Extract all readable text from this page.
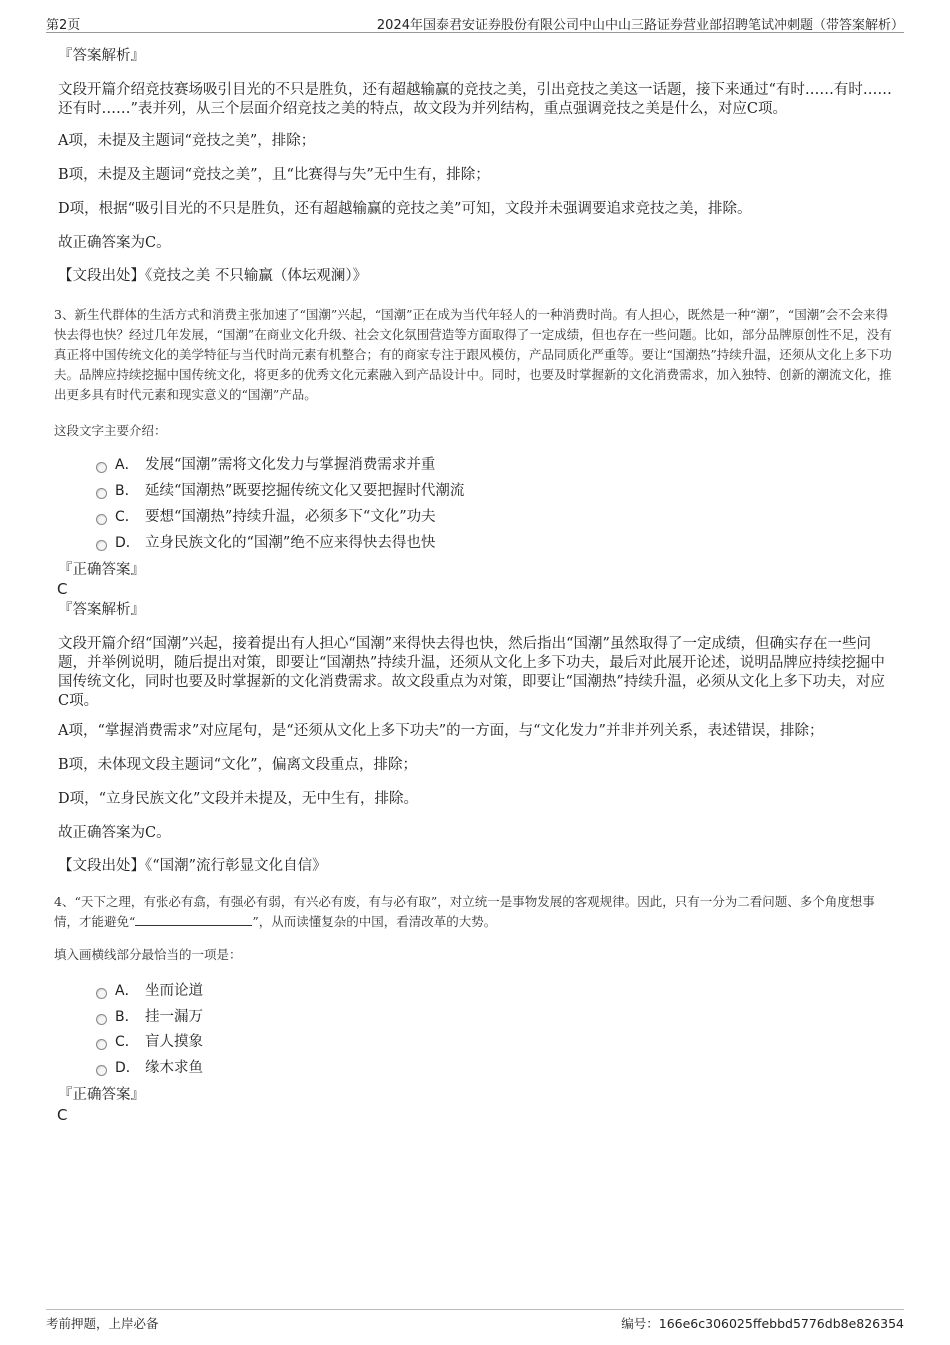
第2页	2024年国泰君安证券股份有限公司中山中山三路证券营业部招聘笔试冲刺题（带答案解析）
『答案解析』
文段开篇介绍竞技赛场吸引目光的不只是胜负，还有超越输赢的竞技之美，引出竞技之美这一话题，接下来通过“有时……有时……还有时……”表并列，从三个层面介绍竞技之美的特点，故文段为并列结构，重点强调竞技之美是什么，对应C项。
A项，未提及主题词“竞技之美”，排除；
B项，未提及主题词“竞技之美”，且“比赛得与失”无中生有，排除；
D项，根据“吸引目光的不只是胜负，还有超越输赢的竞技之美”可知，文段并未强调要追求竞技之美，排除。
故正确答案为C。
【文段出处】《竞技之美 不只输赢（体坛观澜）》
3、新生代群体的生活方式和消费主张加速了“国潮”兴起，“国潮”正在成为当代年轻人的一种消费时尚。有人担心，既然是一种“潮”，“国潮”会不会来得快去得也快？经过几年发展，“国潮”在商业文化升级、社会文化氛围营造等方面取得了一定成绩，但也存在一些问题。比如，部分品牌原创性不足，没有真正将中国传统文化的美学特征与当代时尚元素有机整合；有的商家专注于跟风模仿，产品同质化严重等。要让“国潮热”持续升温，还须从文化上多下功夫。品牌应持续挖掘中国传统文化，将更多的优秀文化元素融入到产品设计中。同时，也要及时掌握新的文化消费需求，加入独特、创新的潮流文化，推出更多具有时代元素和现实意义的“国潮”产品。
这段文字主要介绍：
A． 发展“国潮”需将文化发力与掌握消费需求并重
B． 延续“国潮热”既要挖掘传统文化又要把握时代潮流
C． 要想“国潮热”持续升温，必须多下“文化”功夫
D． 立身民族文化的“国潮”绝不应来得快去得也快
『正确答案』
C
『答案解析』
文段开篇介绍“国潮”兴起，接着提出有人担心“国潮”来得快去得也快，然后指出“国潮”虽然取得了一定成绩，但确实存在一些问题，并举例说明，随后提出对策，即要让“国潮热”持续升温，还须从文化上多下功夫，最后对此展开论述，说明品牌应持续挖掘中国传统文化，同时也要及时掌握新的文化消费需求。故文段重点为对策，即要让“国潮热”持续升温，必须从文化上多下功夫，对应C项。
A项，“掌握消费需求”对应尾句，是“还须从文化上多下功夫”的一方面，与“文化发力”并非并列关系，表述错误，排除；
B项，未体现文段主题词“文化”，偏离文段重点，排除；
D项，“立身民族文化”文段并未提及，无中生有，排除。
故正确答案为C。
【文段出处】《“国潮”流行彰显文化自信》
4、“天下之理，有张必有翕，有强必有弱，有兴必有废，有与必有取”，对立统一是事物发展的客观规律。因此，只有一分为二看问题、多个角度想事情，才能避免“	”，从而读懂复杂的中国，看清改革的大势。
填入画横线部分最恰当的一项是：
A． 坐而论道
B． 挂一漏万
C． 盲人摸象
D． 缘木求鱼
『正确答案』
C
考前押题，上岸必备	编号：166e6c306025ffebbd5776db8e826354
